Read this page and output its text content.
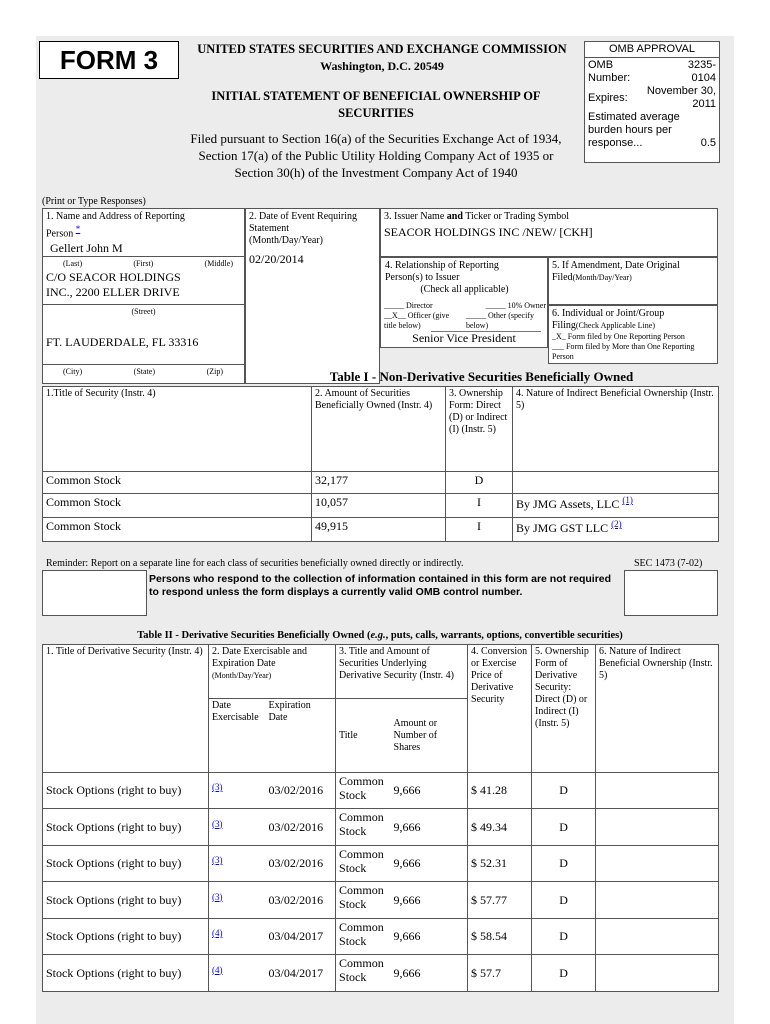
FORM 3	UNITED STATES SECURITIES AND EXCHANGE COMMISSION
Washington, D.C. 20549
INITIAL STATEMENT OF BENEFICIAL OWNERSHIP OF
SECURITIES
Filed pursuant to Section 16(a) of the Securities Exchange Act of 1934,
Section 17(a) of the Public Utility Holding Company Act of 1935 or
Section 30(h) of the Investment Company Act of 1940
OMB APPROVAL
OMB	3235-
Number:	0104
Expires:
November 30,
2011
Estimated average
burden hours per
response...	0.5
(Print or Type Responses)
1. Name and Address of Reporting
Person *
Gellert John M
(Last)	(First)	(Middle)
C/O SEACOR HOLDINGS
INC., 2200 ELLER DRIVE
(Street)
FT. LAUDERDALE, FL 33316
(City)	(State)	(Zip)
2. Date of Event Requiring
Statement
(Month/Day/Year)
02/20/2014
3. Issuer Name and Ticker or Trading Symbol
SEACOR HOLDINGS INC /NEW/ [CKH]
4. Relationship of Reporting
Person(s) to Issuer
(Check all applicable)
_____ Director	_____ 10% Owner
__X__ Officer (give title below)
_____ Other (specify below)
Senior Vice President
5. If Amendment, Date Original
Filed(Month/Day/Year)
6. Individual or Joint/Group
Filing(Check Applicable Line)
_X_ Form filed by One Reporting Person
___ Form filed by More than One Reporting Person
Table I - Non-Derivative Securities Beneficially Owned
1.Title of Security (Instr. 4)	2. Amount of Securities Beneficially Owned (Instr. 4)	3. Ownership Form: Direct (D) or Indirect (I) (Instr. 5)	4. Nature of Indirect Beneficial Ownership (Instr. 5)
Common Stock	32,177	D	
Common Stock	10,057	I	By JMG Assets, LLC $^{(1)}$
Common Stock	49,915	I	By JMG GST LLC $^{(2)}$
Reminder: Report on a separate line for each class of securities beneficially owned directly or indirectly.	SEC 1473 (7-02)
Persons who respond to the collection of information contained in this form are not required to respond unless the form displays a currently valid OMB control number.
Table II - Derivative Securities Beneficially Owned (e.g., puts, calls, warrants, options, convertible securities)
1. Title of Derivative Security (Instr. 4)	2. Date Exercisable and Expiration Date
(Month/Day/Year)		3. Title and Amount of Securities Underlying Derivative Security (Instr. 4)		4. Conversion or Exercise Price of Derivative Security	5. Ownership Form of Derivative Security: Direct (D) or Indirect (I) (Instr. 5)	6. Nature of Indirect Beneficial Ownership (Instr. 5)
	Date Exercisable	Expiration Date	Title	Amount or Number of Shares			
Stock Options (right to buy)	$^{(3)}$	03/02/2016	Common Stock	9,666	$ 41.28	D	
Stock Options (right to buy)	$^{(3)}$	03/02/2016	Common Stock	9,666	$ 49.34	D	
Stock Options (right to buy)	$^{(3)}$	03/02/2016	Common Stock	9,666	$ 52.31	D	
Stock Options (right to buy)	$^{(3)}$	03/02/2016	Common Stock	9,666	$ 57.77	D	
Stock Options (right to buy)	$^{(4)}$	03/04/2017	Common Stock	9,666	$ 58.54	D	
Stock Options (right to buy)	$^{(4)}$	03/04/2017	Common Stock	9,666	$ 57.7	D	
